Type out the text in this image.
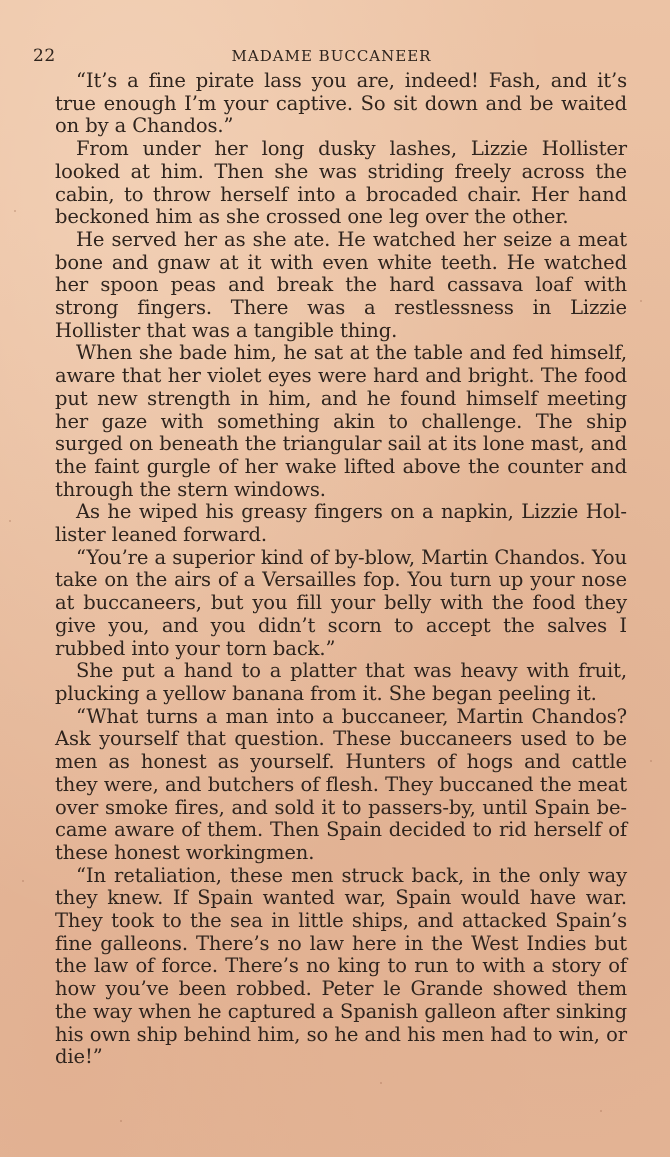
22	MADAME BUCCANEER

“It’s a fine pirate lass you are, indeed! Fash, and it’s true enough I’m your captive. So sit down and be waited on by a Chandos.”

From under her long dusky lashes, Lizzie Hollister looked at him. Then she was striding freely across the cabin, to throw herself into a brocaded chair. Her hand beckoned him as she crossed one leg over the other.

He served her as she ate. He watched her seize a meat bone and gnaw at it with even white teeth. He watched her spoon peas and break the hard cassava loaf with strong fingers. There was a restlessness in Lizzie Hollister that was a tangible thing.

When she bade him, he sat at the table and fed himself, aware that her violet eyes were hard and bright. The food put new strength in him, and he found himself meeting her gaze with something akin to challenge. The ship surged on beneath the triangular sail at its lone mast, and the faint gurgle of her wake lifted above the counter and through the stern windows.

As he wiped his greasy fingers on a napkin, Lizzie Hollister leaned forward.

“You’re a superior kind of by-blow, Martin Chandos. You take on the airs of a Versailles fop. You turn up your nose at buccaneers, but you fill your belly with the food they give you, and you didn’t scorn to accept the salves I rubbed into your torn back.”

She put a hand to a platter that was heavy with fruit, plucking a yellow banana from it. She began peeling it.

“What turns a man into a buccaneer, Martin Chandos? Ask yourself that question. These buccaneers used to be men as honest as yourself. Hunters of hogs and cattle they were, and butchers of flesh. They buccaned the meat over smoke fires, and sold it to passers-by, until Spain became aware of them. Then Spain decided to rid herself of these honest workingmen.

“In retaliation, these men struck back, in the only way they knew. If Spain wanted war, Spain would have war. They took to the sea in little ships, and attacked Spain’s fine galleons. There’s no law here in the West Indies but the law of force. There’s no king to run to with a story of how you’ve been robbed. Peter le Grande showed them the way when he captured a Spanish galleon after sinking his own ship behind him, so he and his men had to win, or die!”
